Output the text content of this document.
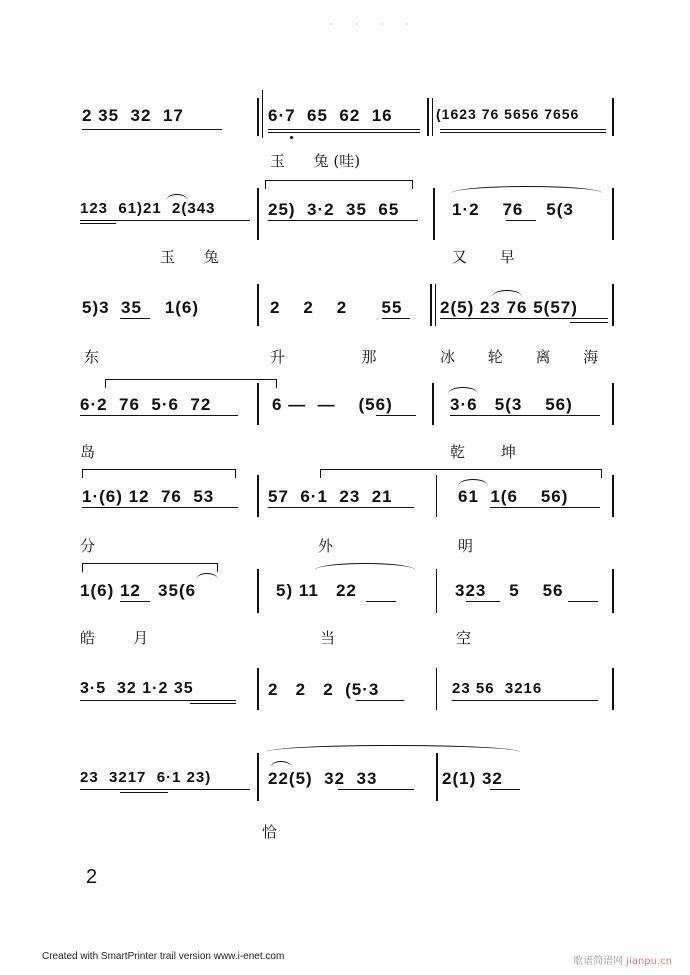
· · · ·
2 35  32  17	6·7  65  62  16
玉      兔 (哇)
(1623 76 5656 7656
123  61)21  2(343	25)  3·2  35  65	1·2    76    5(3
玉 兔	又 早
5)3  35    1(6)	2    2    2      55 2(5) 23 76 5(57)
东	升           那	冰 轮 离 海
6·2  76  5·6  72	6 —  —    (56)	3·6   5(3    56)
岛	乾     坤
1·(6) 12  76  53	57  6·1  23  21	61  1(6    56)
分	外	明
1(6) 12   35(6	5) 11   22	323    5    56
皓        月	当	空
3·5  32 1·2 35	2   2   2  (5·3	23 56  3216
23  3217  6·1 23)	22(5)  32  33	2(1) 32
恰
2
Created with SmartPrinter trail version www.i-enet.com	歌谱简谱网 jianpu.cn
